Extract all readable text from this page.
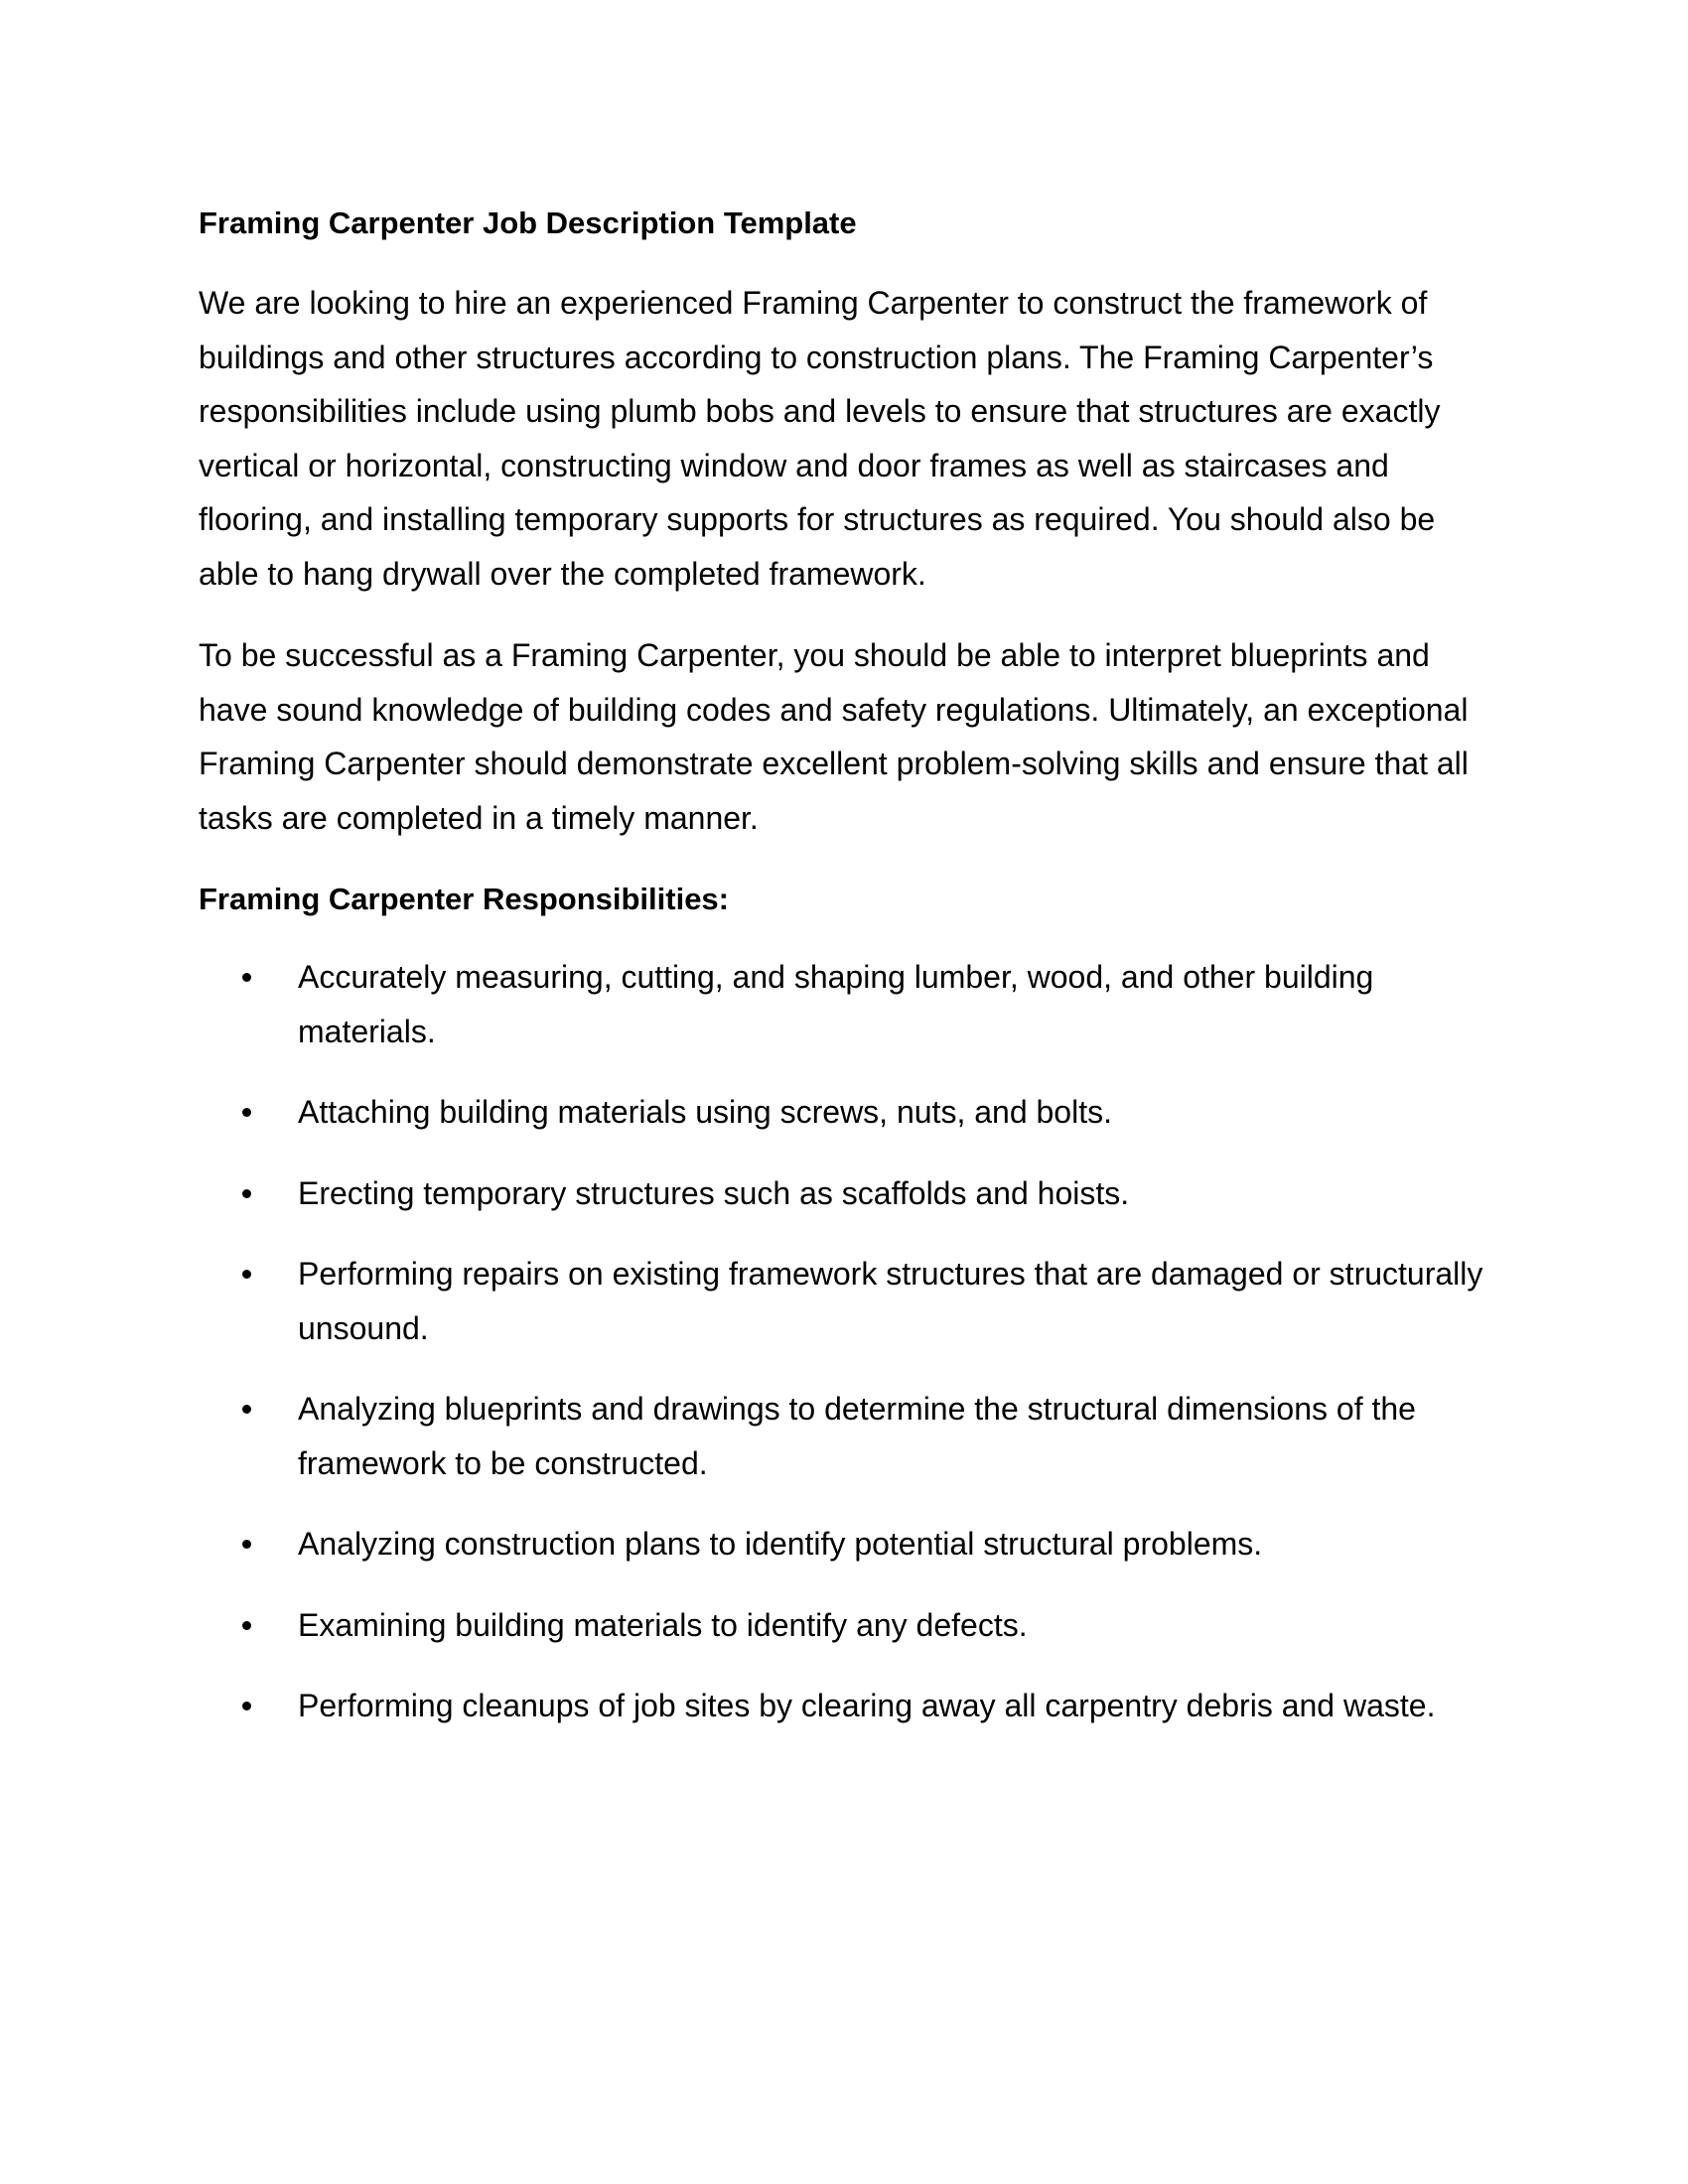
Framing Carpenter Job Description Template

We are looking to hire an experienced Framing Carpenter to construct the framework of buildings and other structures according to construction plans. The Framing Carpenter’s responsibilities include using plumb bobs and levels to ensure that structures are exactly vertical or horizontal, constructing window and door frames as well as staircases and flooring, and installing temporary supports for structures as required. You should also be able to hang drywall over the completed framework.

To be successful as a Framing Carpenter, you should be able to interpret blueprints and have sound knowledge of building codes and safety regulations. Ultimately, an exceptional Framing Carpenter should demonstrate excellent problem-solving skills and ensure that all tasks are completed in a timely manner.

Framing Carpenter Responsibilities:
Accurately measuring, cutting, and shaping lumber, wood, and other building materials.
Attaching building materials using screws, nuts, and bolts.
Erecting temporary structures such as scaffolds and hoists.
Performing repairs on existing framework structures that are damaged or structurally unsound.
Analyzing blueprints and drawings to determine the structural dimensions of the framework to be constructed.
Analyzing construction plans to identify potential structural problems.
Examining building materials to identify any defects.
Performing cleanups of job sites by clearing away all carpentry debris and waste.
